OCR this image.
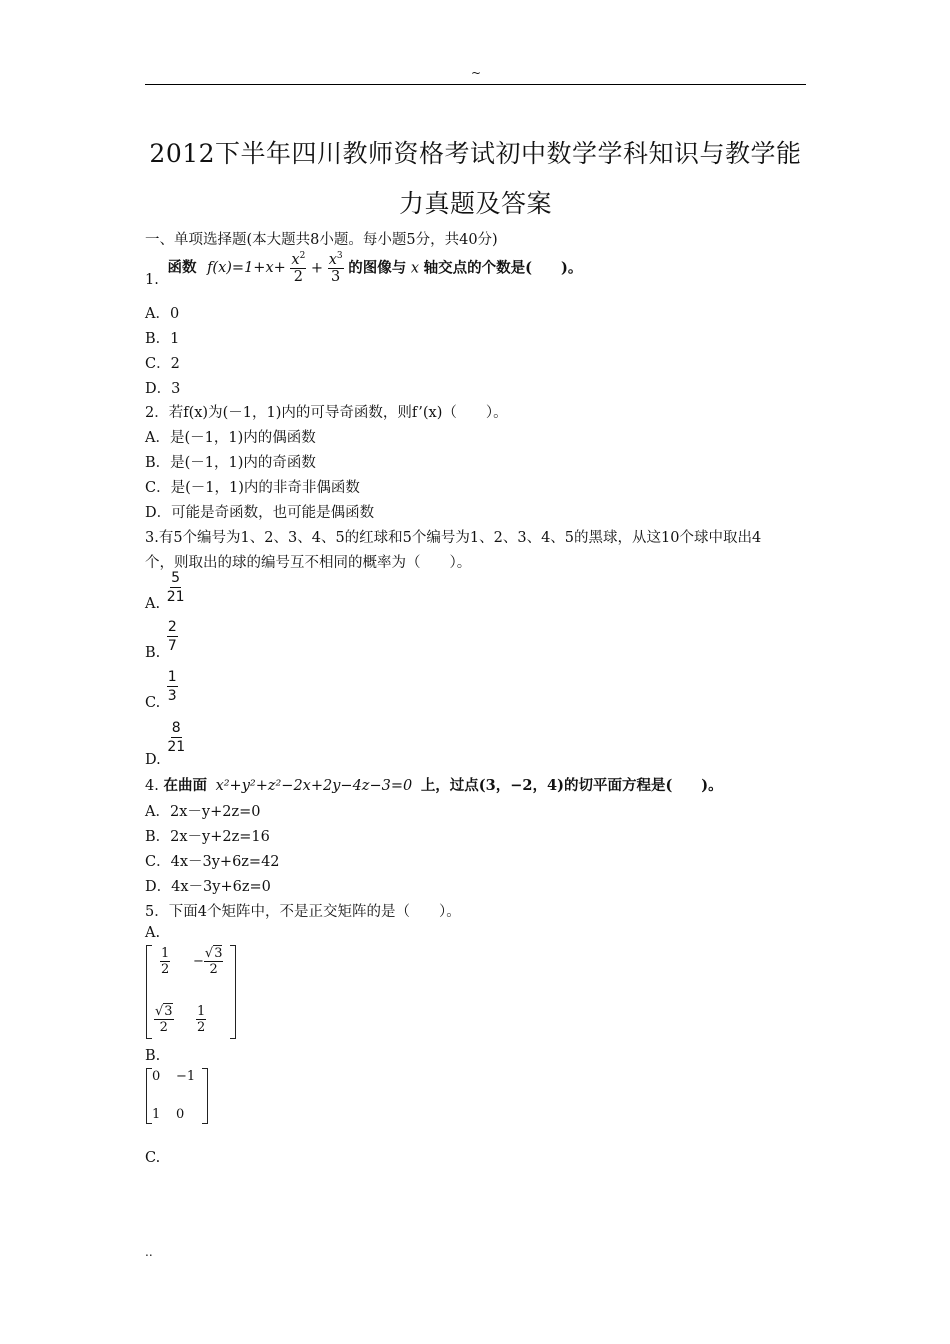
~
2012下半年四川教师资格考试初中数学学科知识与教学能
力真题及答案
一、单项选择题(本大题共8小题。每小题5分，共40分)
1. 函数 $f(x)=1+x+ \frac{x^2}{2} + \frac{x^3}{3}$ 的图像与 x 轴交点的个数是(　　)。
A．0
B．1
C．2
D．3
2．若f(x)为(－1，1)内的可导奇函数，则f’(x)（　　）。
A．是(－1，1)内的偶函数
B．是(－1，1)内的奇函数
C．是(－1，1)内的非奇非偶函数
D．可能是奇函数，也可能是偶函数
3.有5个编号为1、2、3、4、5的红球和5个编号为1、2、3、4、5的黑球，从这10个球中取出4
个，则取出的球的编号互不相同的概率为（　　）。
A. $\frac{5}{21}$
B. $\frac{2}{7}$
C. $\frac{1}{3}$
D.
$\frac{8}{21}$
4. 在曲面 x²+y²+z²−2x+2y−4z−3=0 上，过点(3，−2，4)的切平面方程是(　　)。
A．2x－y+2z=0
B．2x－y+2z=16
C．4x－3y+6z=42
D．4x－3y+6z=0
5．下面4个矩阵中，不是正交矩阵的是（　　）。
A.
$\frac{1}{2} - \frac{√3}{2}$
$\frac{√3}{2} \frac{1}{2}$
B.
0 −1
1 0
C.
..
